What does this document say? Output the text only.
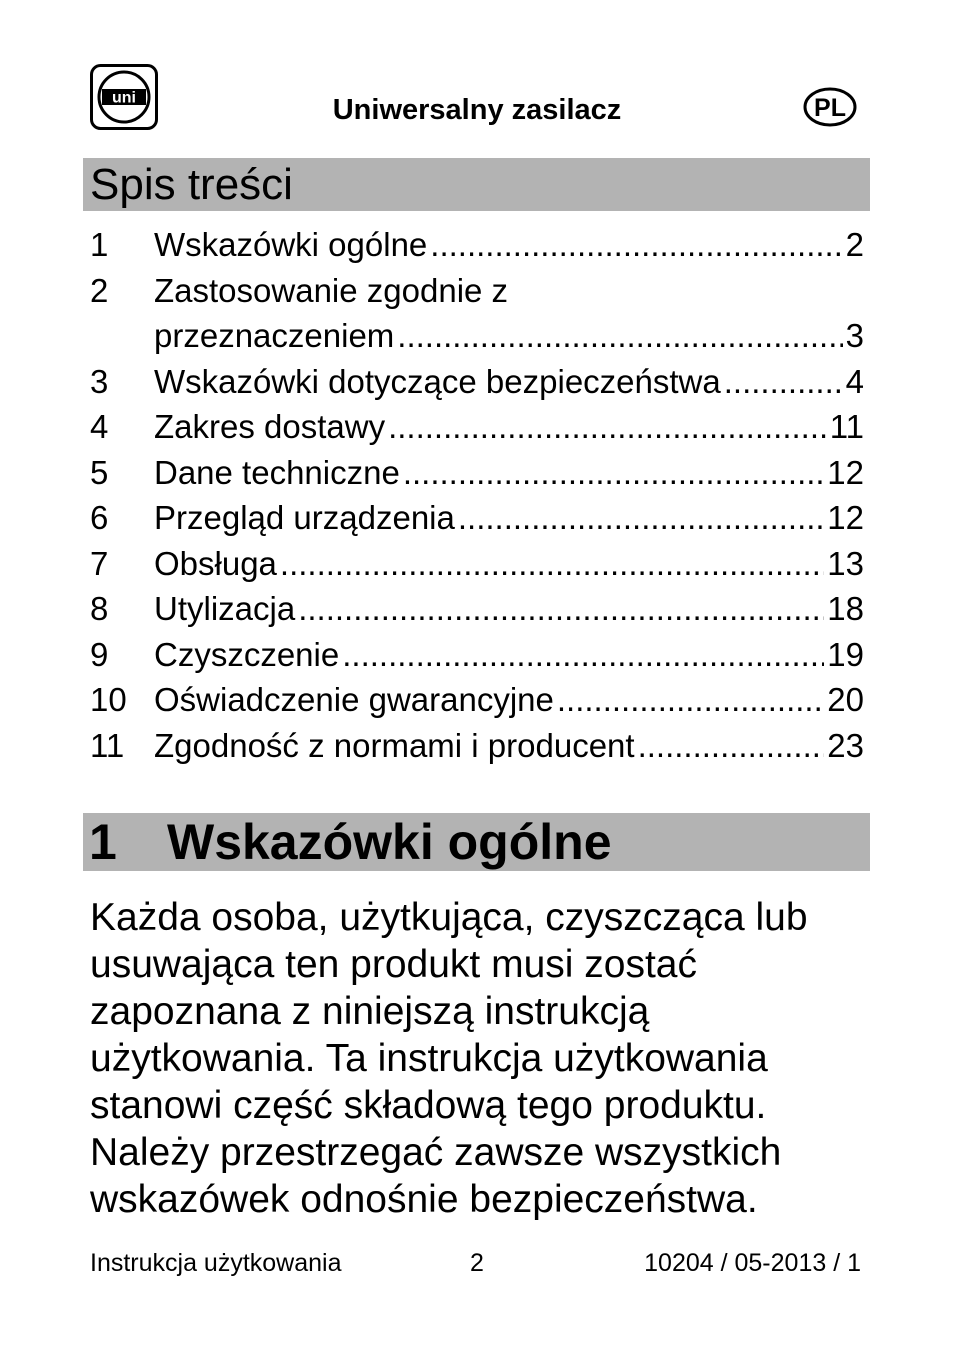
uni	Uniwersalny zasilacz	PL
Spis treści
1	Wskazówki ogólne .....	2
2	Zastosowanie zgodnie z
przeznaczeniem .....	3
3	Wskazówki dotyczące bezpieczeństwa .....	4
4	Zakres dostawy .....	11
5	Dane techniczne .....	12
6	Przegląd urządzenia .....	12
7	Obsługa .....	13
8	Utylizacja .....	18
9	Czyszczenie .....	19
10 Oświadczenie gwarancyjne .....	20
11 Zgodność z normami i producent .....	23
1 Wskazówki ogólne

Każda osoba, użytkująca, czyszcząca lub usuwająca ten produkt musi zostać zapoznana z niniejszą instrukcją użytkowania. Ta instrukcja użytkowania stanowi część składową tego produktu. Należy przestrzegać zawsze wszystkich wskazówek odnośnie bezpieczeństwa.

Instrukcja użytkowania	2	10204 / 05-2013 / 1
